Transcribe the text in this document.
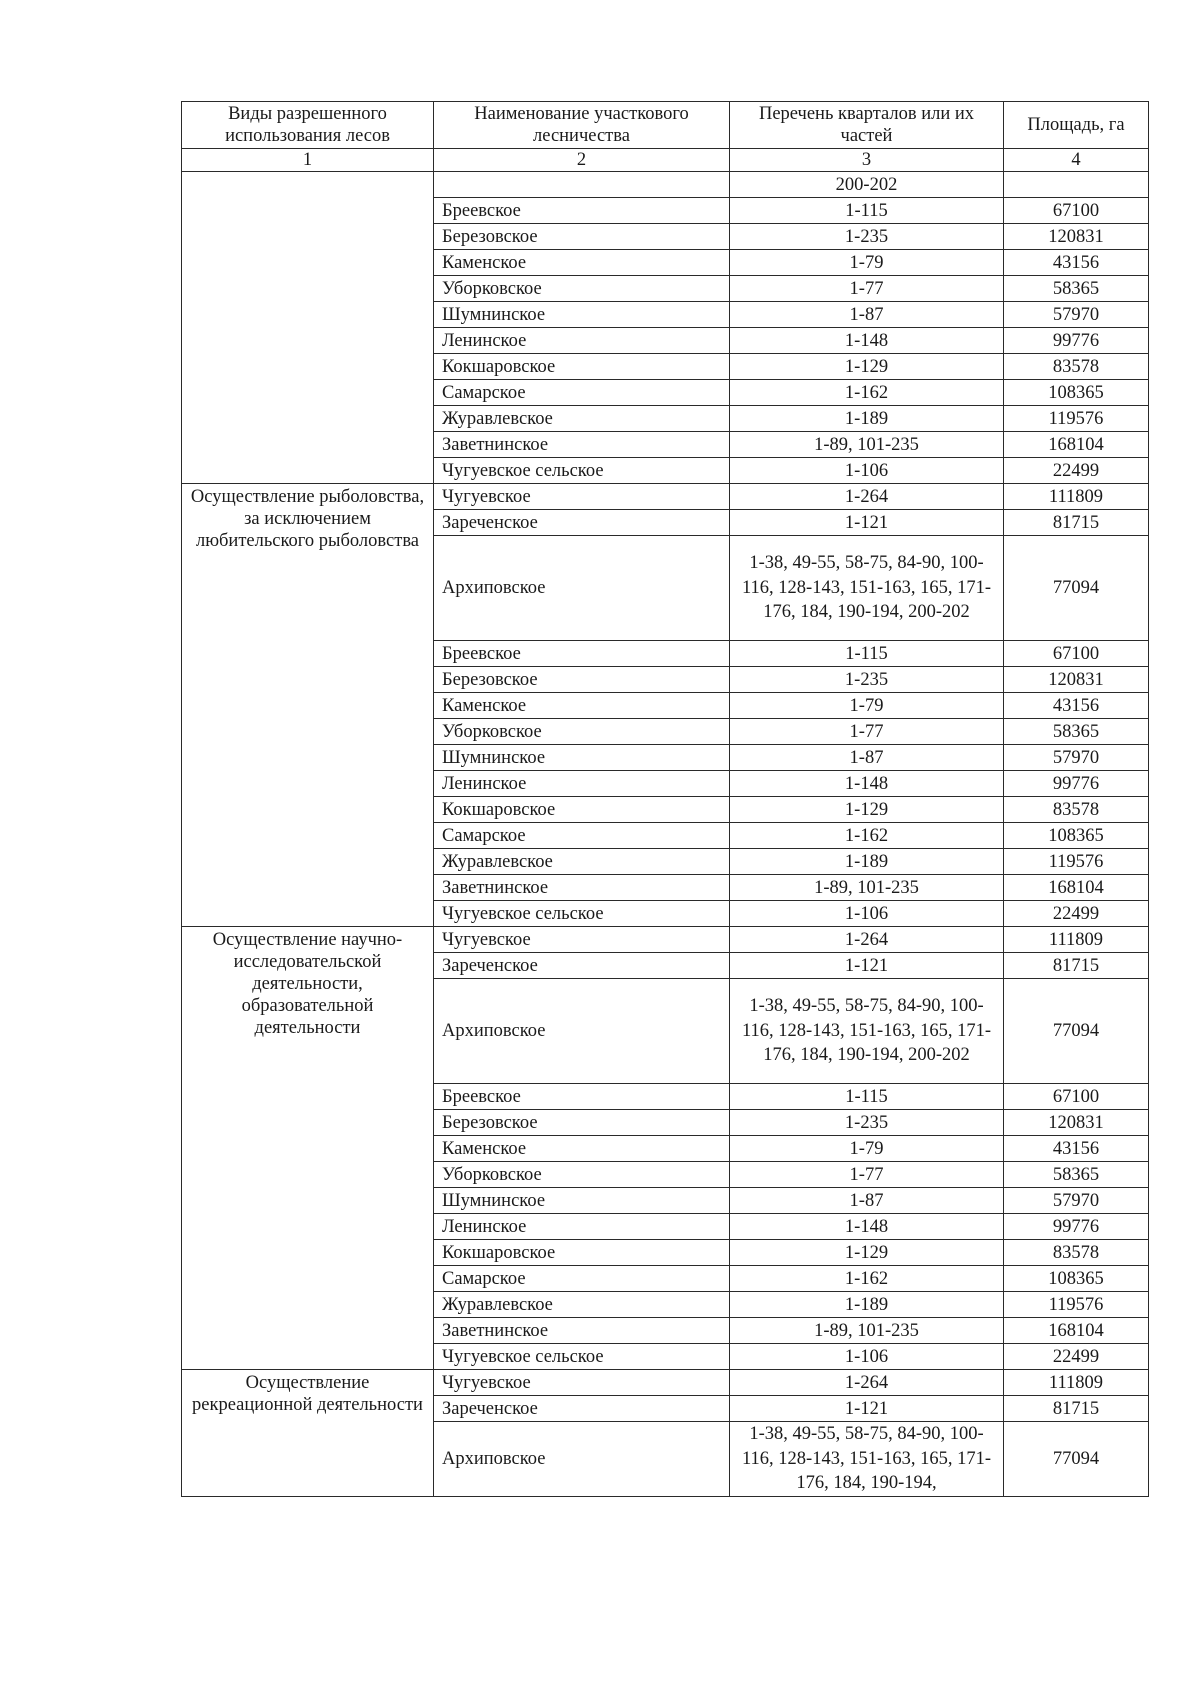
Виды разрешенного использования лесов	Наименование участкового лесничества	Перечень кварталов или их частей	Площадь, га
1	2	3	4
		200-202	
	Бреевское	1-115	67100
	Березовское	1-235	120831
	Каменское	1-79	43156
	Уборковское	1-77	58365
	Шумнинское	1-87	57970
	Ленинское	1-148	99776
	Кокшаровское	1-129	83578
	Самарское	1-162	108365
	Журавлевское	1-189	119576
	Заветнинское	1-89, 101-235	168104
	Чугуевское сельское	1-106	22499
Осуществление рыболовства, за исключением любительского рыболовства	Чугуевское	1-264	111809
	Зареченское	1-121	81715
	Архиповское	1-38, 49-55, 58-75, 84-90, 100-116, 128-143, 151-163, 165, 171-176, 184, 190-194, 200-202	77094
	Бреевское	1-115	67100
	Березовское	1-235	120831
	Каменское	1-79	43156
	Уборковское	1-77	58365
	Шумнинское	1-87	57970
	Ленинское	1-148	99776
	Кокшаровское	1-129	83578
	Самарское	1-162	108365
	Журавлевское	1-189	119576
	Заветнинское	1-89, 101-235	168104
	Чугуевское сельское	1-106	22499
Осуществление научно-исследовательской деятельности, образовательной деятельности	Чугуевское	1-264	111809
	Зареченское	1-121	81715
	Архиповское	1-38, 49-55, 58-75, 84-90, 100-116, 128-143, 151-163, 165, 171-176, 184, 190-194, 200-202	77094
	Бреевское	1-115	67100
	Березовское	1-235	120831
	Каменское	1-79	43156
	Уборковское	1-77	58365
	Шумнинское	1-87	57970
	Ленинское	1-148	99776
	Кокшаровское	1-129	83578
	Самарское	1-162	108365
	Журавлевское	1-189	119576
	Заветнинское	1-89, 101-235	168104
	Чугуевское сельское	1-106	22499
Осуществление рекреационной деятельности	Чугуевское	1-264	111809
	Зареченское	1-121	81715
	Архиповское	1-38, 49-55, 58-75, 84-90, 100-116, 128-143, 151-163, 165, 171-176, 184, 190-194,	77094
